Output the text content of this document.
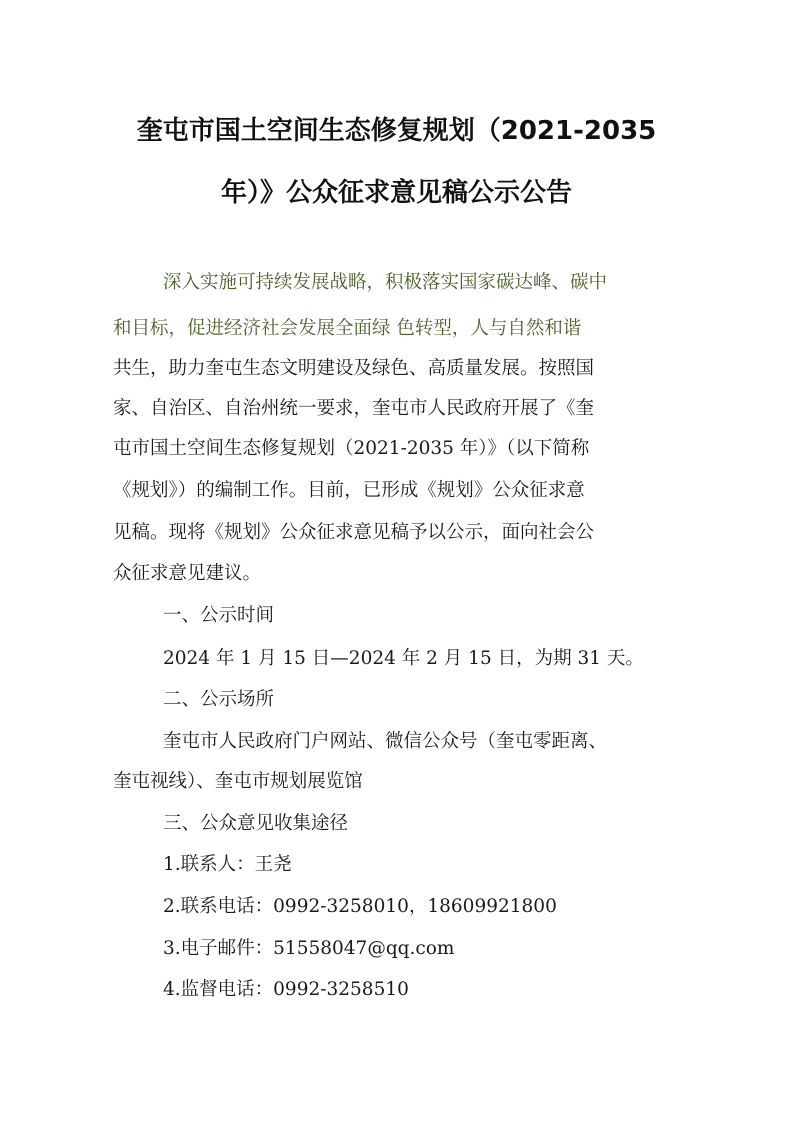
奎屯市国土空间生态修复规划（2021-2035
年）》公众征求意见稿公示公告
深入实施可持续发展战略，积极落实国家碳达峰、碳中
和目标，促进经济社会发展全面绿 色转型，人与自然和谐
共生，助力奎屯生态文明建设及绿色、高质量发展。按照国
家、自治区、自治州统一要求，奎屯市人民政府开展了《奎
屯市国土空间生态修复规划（2021-2035 年）》（以下简称
《规划》）的编制工作。目前，已形成《规划》公众征求意
见稿。现将《规划》公众征求意见稿予以公示，面向社会公
众征求意见建议。
一、公示时间
2024 年 1 月 15 日—2024 年 2 月 15 日，为期 31 天。
二、公示场所
奎屯市人民政府门户网站、微信公众号（奎屯零距离、
奎屯视线）、奎屯市规划展览馆
三、公众意见收集途径
1.联系人：王尧
2.联系电话：0992-3258010，18609921800
3.电子邮件：51558047@qq.com
4.监督电话：0992-3258510
